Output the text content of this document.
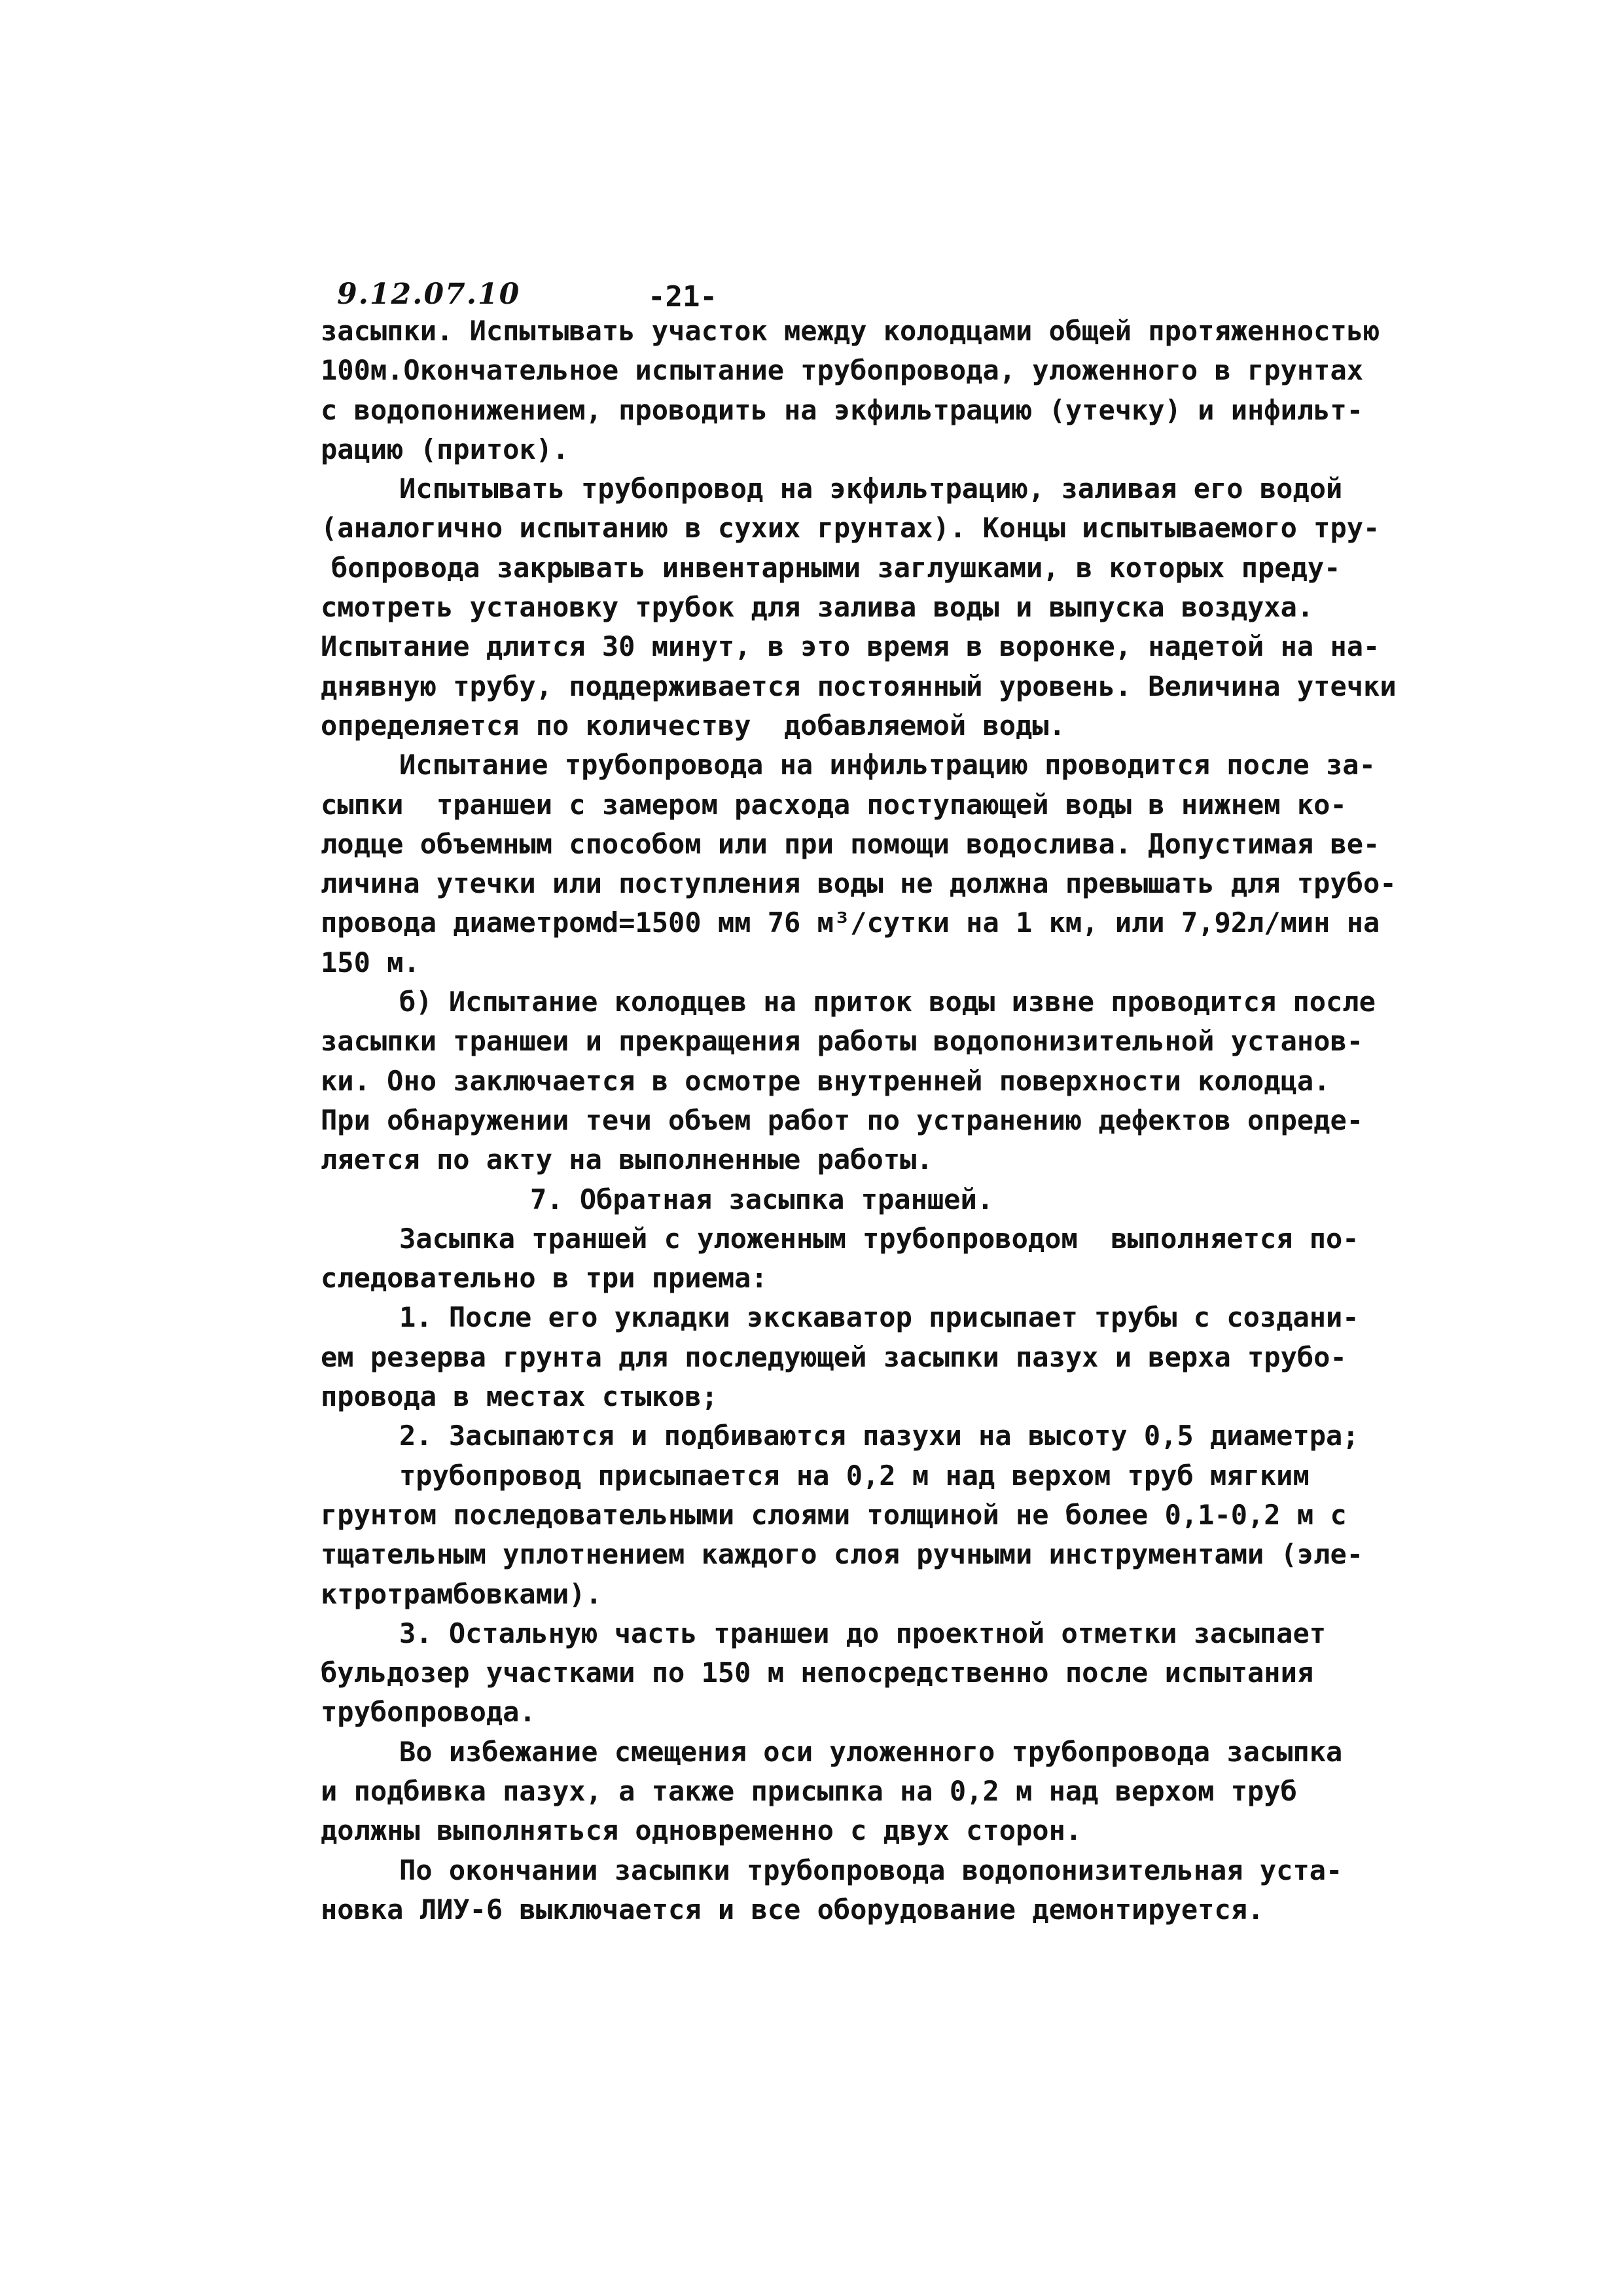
9.12.07.10	-21-
засыпки. Испытывать участок между колодцами общей протяженностью
100м.Окончательное испытание трубопровода, уложенного в грунтах
с водопонижением, проводить на экфильтрацию (утечку) и инфильт-
рацию (приток).
Испытывать трубопровод на экфильтрацию, заливая его водой
(аналогично испытанию в сухих грунтах). Концы испытываемого тру-
бопровода закрывать инвентарными заглушками, в которых преду-
смотреть установку трубок для залива воды и выпуска воздуха.
Испытание длится 30 минут, в это время в воронке, надетой на на-
днявную трубу, поддерживается постоянный уровень. Величина утечки
определяется по количеству  добавляемой воды.
Испытание трубопровода на инфильтрацию проводится после за-
сыпки  траншеи с замером расхода поступающей воды в нижнем ко-
лодце объемным способом или при помощи водослива. Допустимая ве-
личина утечки или поступления воды не должна превышать для трубо-
провода диаметромd=1500 мм 76 м³/сутки на 1 км, или 7,92л/мин на
150 м.
б) Испытание колодцев на приток воды извне проводится после
засыпки траншеи и прекращения работы водопонизительной установ-
ки. Оно заключается в осмотре внутренней поверхности колодца.
При обнаружении течи объем работ по устранению дефектов опреде-
ляется по акту на выполненные работы.
7. Обратная засыпка траншей.
Засыпка траншей с уложенным трубопроводом  выполняется по-
следовательно в три приема:
1. После его укладки экскаватор присыпает трубы с создани-
ем резерва грунта для последующей засыпки пазух и верха трубо-
провода в местах стыков;
2. Засыпаются и подбиваются пазухи на высоту 0,5 диаметра;
трубопровод присыпается на 0,2 м над верхом труб мягким
грунтом последовательными слоями толщиной не более 0,1-0,2 м с
тщательным уплотнением каждого слоя ручными инструментами (эле-
ктротрамбовками).
3. Остальную часть траншеи до проектной отметки засыпает
бульдозер участками по 150 м непосредственно после испытания
трубопровода.
Во избежание смещения оси уложенного трубопровода засыпка
и подбивка пазух, а также присыпка на 0,2 м над верхом труб
должны выполняться одновременно с двух сторон.
По окончании засыпки трубопровода водопонизительная уста-
новка ЛИУ-6 выключается и все оборудование демонтируется.
